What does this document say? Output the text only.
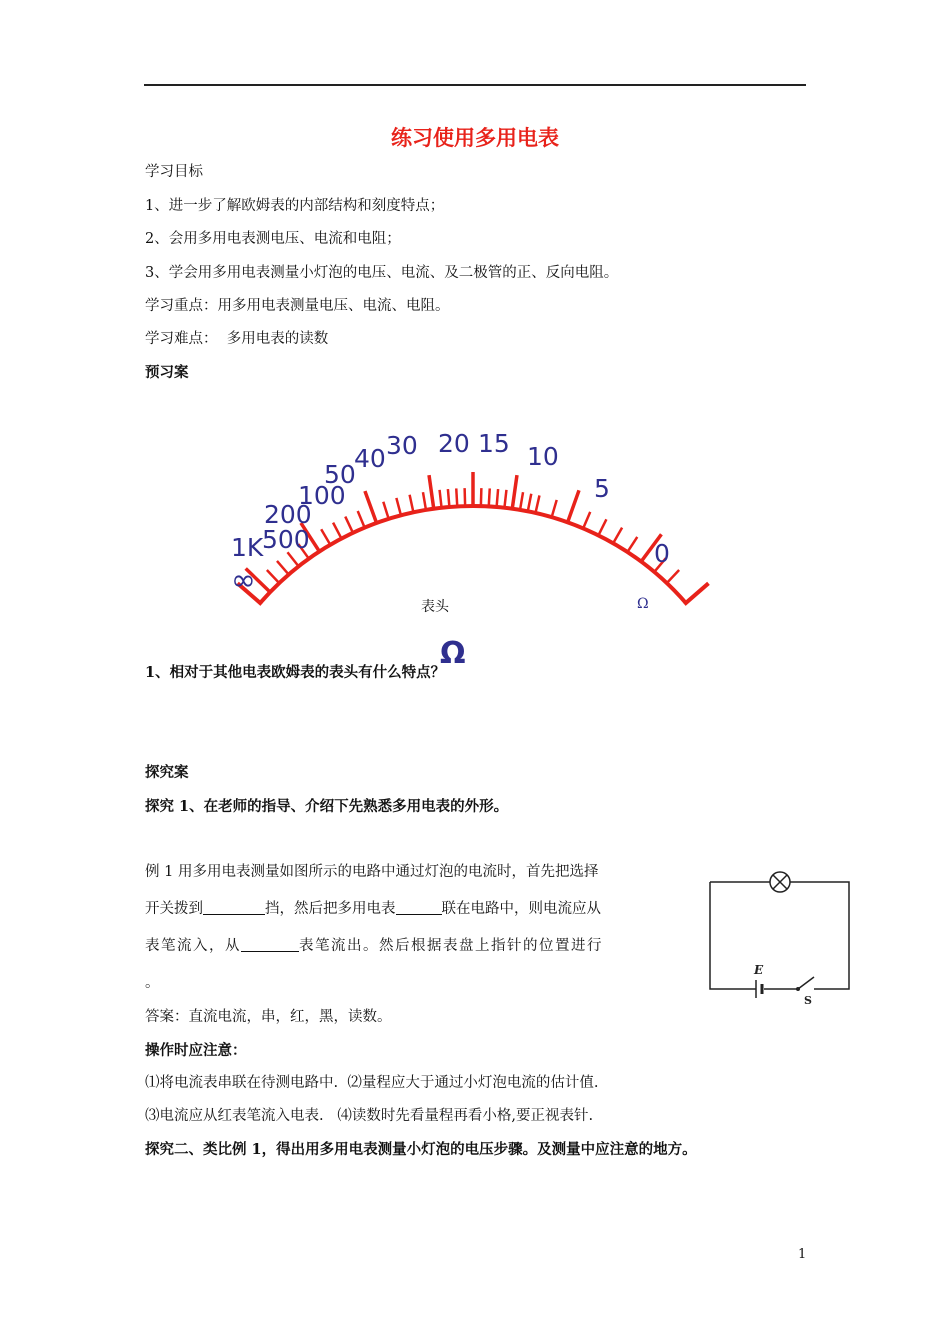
练习使用多用电表
学习目标
1、进一步了解欧姆表的内部结构和刻度特点；
2、会用多用电表测电压、电流和电阻；
3、学会用多用电表测量小灯泡的电压、电流、及二极管的正、反向电阻。
学习重点：用多用电表测量电压、电流、电阻。
学习难点：  多用电表的读数
预习案
∞
1K
500
200
100
50
40 30 20 15 10
5
0
Ω
表头	Ω
1、相对于其他电表欧姆表的表头有什么特点？
探究案
探究 1、在老师的指导、介绍下先熟悉多用电表的外形。
例 1 用多用电表测量如图所示的电路中通过灯泡的电流时，首先把选择
开关拨到	挡，然后把多用电表	联在电路中，则电流应从
表笔流入，从	表笔流出。然后根据表盘上指针的位置进行
。
答案：直流电流，串，红，黑，读数。
E
S
操作时应注意：
⑴将电流表串联在待测电路中.  ⑵量程应大于通过小灯泡电流的估计值.
⑶电流应从红表笔流入电表.   ⑷读数时先看量程再看小格,要正视表针.
探究二、类比例 1，得出用多用电表测量小灯泡的电压步骤。及测量中应注意的地方。
1
